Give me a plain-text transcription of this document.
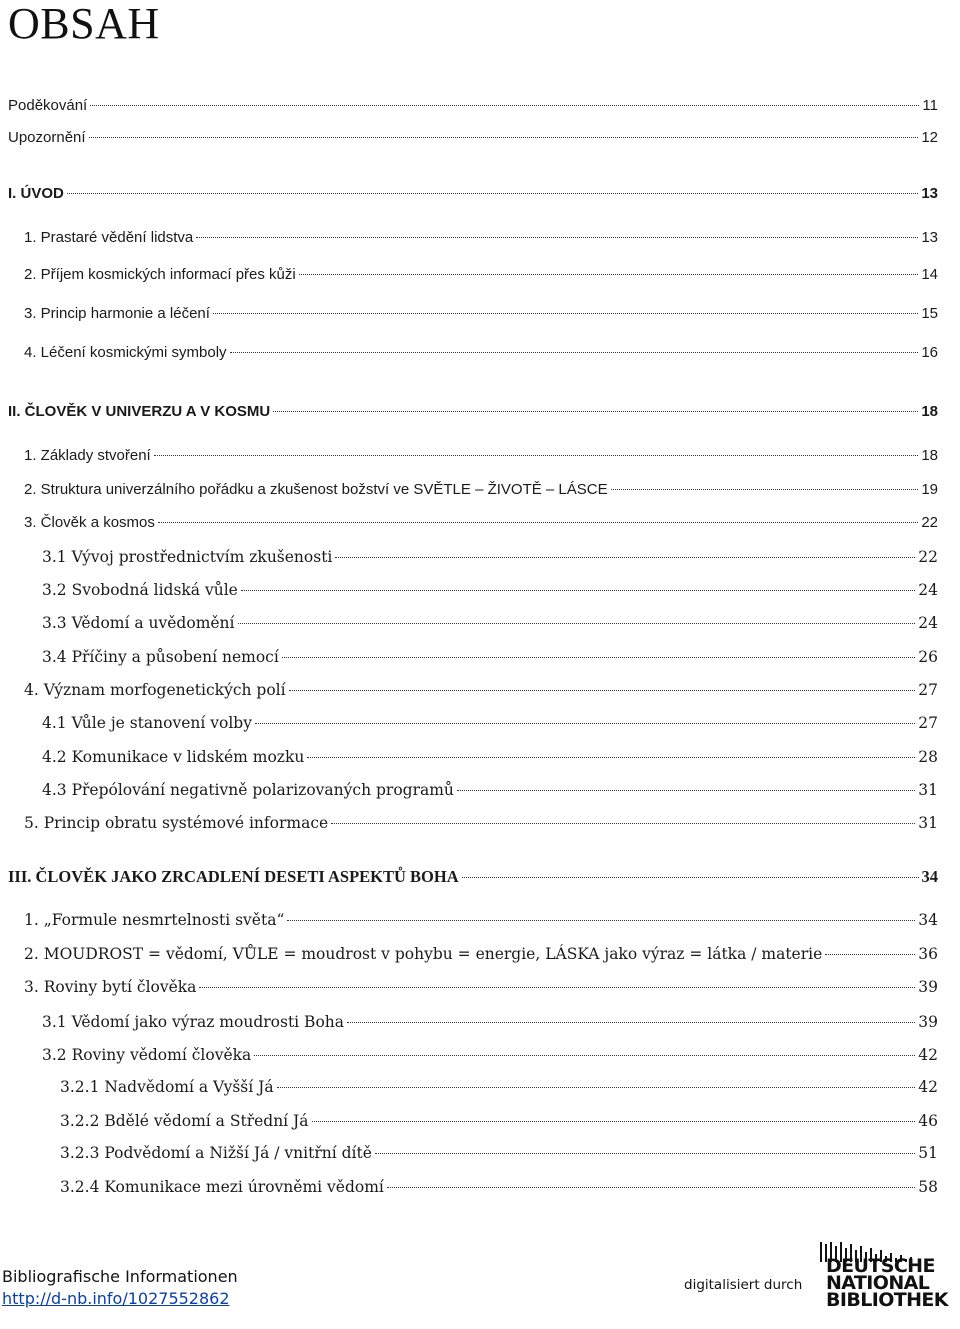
OBSAH
Poděkování	11
Upozornění	12
I. ÚVOD	13
1. Prastaré vědění lidstva	13
2. Příjem kosmických informací přes kůži	14
3. Princip harmonie a léčení	15
4. Léčení kosmickými symboly	16
II. ČLOVĚK V UNIVERZU A V KOSMU	18
1. Základy stvoření	18
2. Struktura univerzálního pořádku a zkušenost božství ve SVĚTLE – ŽIVOTĚ – LÁSCE	19
3. Člověk a kosmos	22
3.1 Vývoj prostřednictvím zkušenosti	22
3.2 Svobodná lidská vůle	24
3.3 Vědomí a uvědomění	24
3.4 Příčiny a působení nemocí	26
4. Význam morfogenetických polí	27
4.1 Vůle je stanovení volby	27
4.2 Komunikace v lidském mozku	28
4.3 Přepólování negativně polarizovaných programů	31
5. Princip obratu systémové informace	31
III. ČLOVĚK JAKO ZRCADLENÍ DESETI ASPEKTŮ BOHA	34
1. „Formule nesmrtelnosti světa“	34
2. MOUDROST = vědomí, VŮLE = moudrost v pohybu = energie, LÁSKA jako výraz = látka / materie	36
3. Roviny bytí člověka	39
3.1 Vědomí jako výraz moudrosti Boha	39
3.2 Roviny vědomí člověka	42
3.2.1 Nadvědomí a Vyšší Já	42
3.2.2 Bdělé vědomí a Střední Já	46
3.2.3 Podvědomí a Nižší Já / vnitřní dítě	51
3.2.4 Komunikace mezi úrovněmi vědomí	58
Bibliografische Informationen
http://d-nb.info/1027552862
digitalisiert durch
DEUTSCHE
NATIONAL
BIBLIOTHEK
